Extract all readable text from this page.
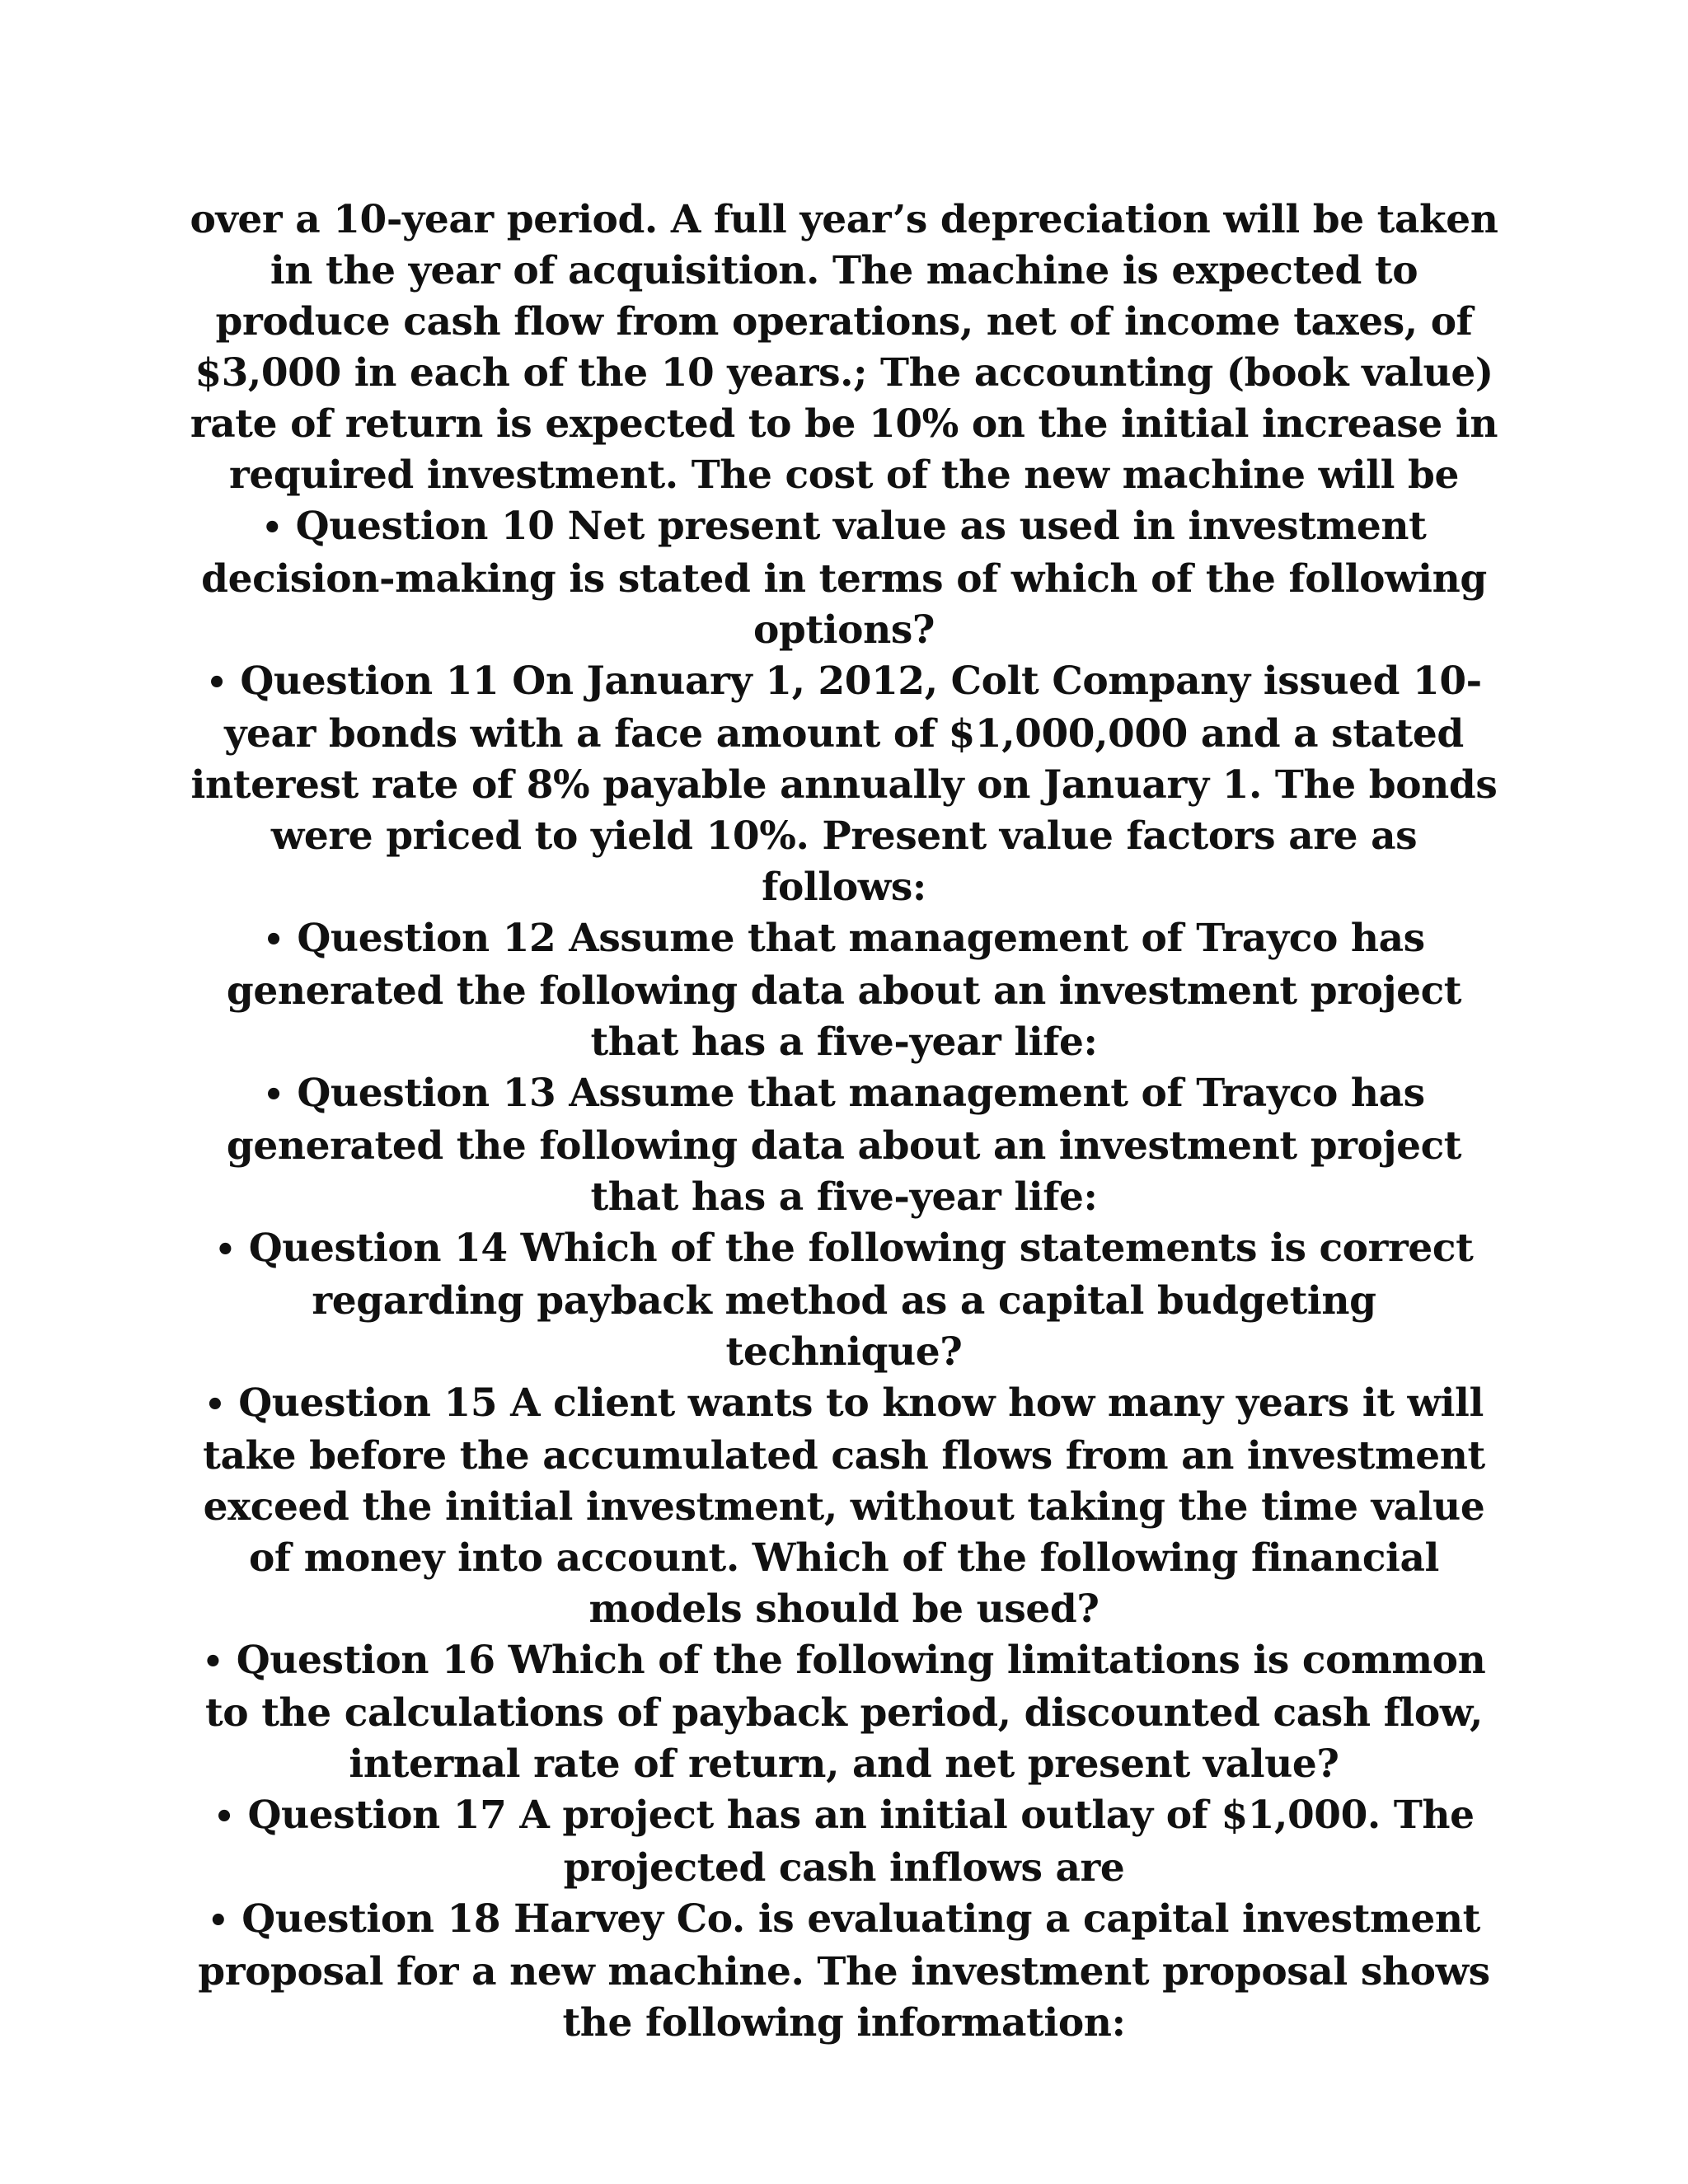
over a 10-year period. A full year’s depreciation will be taken in the year of acquisition. The machine is expected to produce cash flow from operations, net of income taxes, of $3,000 in each of the 10 years.; The accounting (book value) rate of return is expected to be 10% on the initial increase in required investment. The cost of the new machine will be

• Question 10 Net present value as used in investment decision-making is stated in terms of which of the following options?

• Question 11 On January 1, 2012, Colt Company issued 10-year bonds with a face amount of $1,000,000 and a stated interest rate of 8% payable annually on January 1. The bonds were priced to yield 10%. Present value factors are as follows:

• Question 12 Assume that management of Trayco has generated the following data about an investment project that has a five-year life:

• Question 13 Assume that management of Trayco has generated the following data about an investment project that has a five-year life:

• Question 14 Which of the following statements is correct regarding payback method as a capital budgeting technique?

• Question 15 A client wants to know how many years it will take before the accumulated cash flows from an investment exceed the initial investment, without taking the time value of money into account. Which of the following financial models should be used?

• Question 16 Which of the following limitations is common to the calculations of payback period, discounted cash flow, internal rate of return, and net present value?

• Question 17 A project has an initial outlay of $1,000. The projected cash inflows are

• Question 18 Harvey Co. is evaluating a capital investment proposal for a new machine. The investment proposal shows the following information:
